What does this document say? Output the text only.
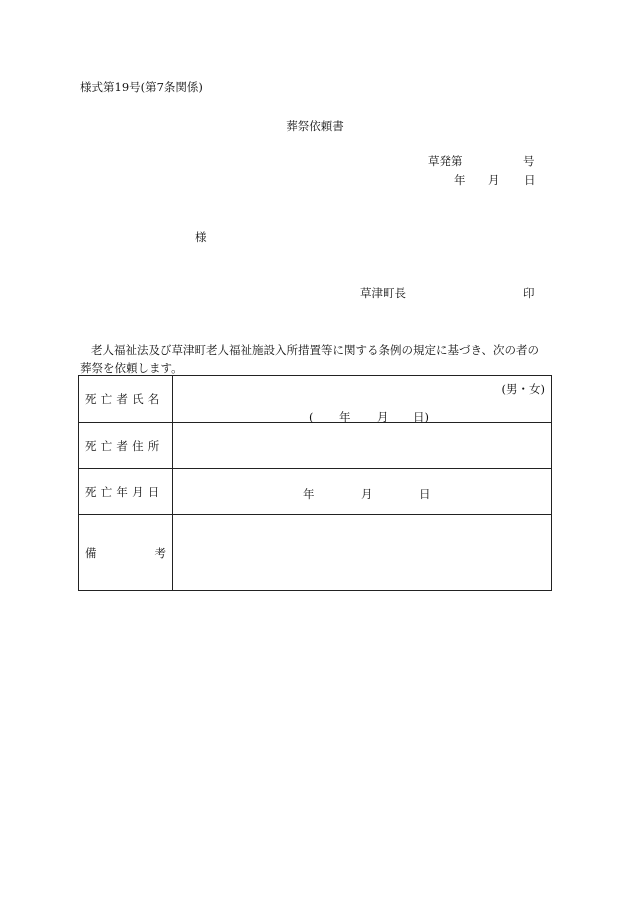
様式第19号(第7条関係)
葬祭依頼書
草発第	号
年 月 日
様
草津町長	印
老人福祉法及び草津町老人福祉施設入所措置等に関する条例の規定に基づき、次の者の葬祭を依頼します。
死亡者氏名	(男・女)
( 年 月 日)

死亡者住所	
死亡年月日	年 月 日

備 考	
